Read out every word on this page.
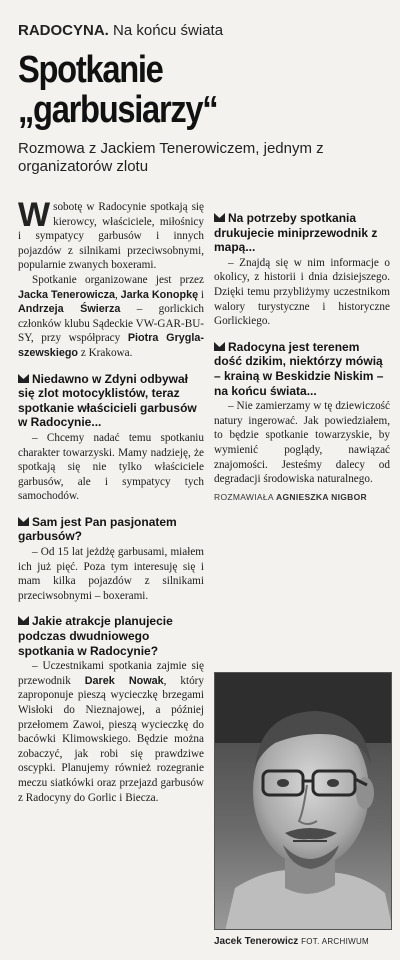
RADOCYNA. Na końcu świata
Spotkanie
„garbusiarzy“
Rozmowa z Jackiem Tenerowiczem, jednym z organizatorów zlotu

Wsobotę w Radocynie spotkają się kierowcy, właściciele, miłośnicy i sympatycy garbusów i innych pojazdów z silnikami przeciwsobnymi, popularnie zwanych boxerami.

Spotkanie organizowane jest przez Jacka Tenerowicza, Jarka Konopkę i Andrzeja Świerza – gorlickich członków klubu Sądeckie VW-GAR-BU-SY, przy współpracy Piotra Gryglaszewskiego z Krakowa.

Niedawno w Zdyni odbywał się zlot motocyklistów, teraz spotkanie właścicieli garbusów w Radocynie...

– Chcemy nadać temu spotkaniu charakter towarzyski. Mamy nadzieję, że spotkają się nie tylko właściciele garbusów, ale i sympatycy tych samochodów.

Sam jest Pan pasjonatem garbusów?

– Od 15 lat jeżdżę garbusami, miałem ich już pięć. Poza tym interesuję się i mam kilka pojazdów z silnikami przeciwsobnymi – boxerami.

Jakie atrakcje planujecie podczas dwudniowego spotkania w Radocynie?

– Uczestnikami spotkania zajmie się przewodnik Darek Nowak, który zaproponuje pieszą wycieczkę brzegami Wisłoki do Nieznajowej, a później przełomem Zawoi, pieszą wycieczkę do bacówki Klimowskiego. Będzie można zobaczyć, jak robi się prawdziwe oscypki. Planujemy również rozegranie meczu siatkówki oraz przejazd garbusów z Radocyny do Gorlic i Biecza.

Na potrzeby spotkania drukujecie miniprzewodnik z mapą...

– Znajdą się w nim informacje o okolicy, z historii i dnia dzisiejszego. Dzięki temu przybliżymy uczestnikom walory turystyczne i historyczne Gorlickiego.

Radocyna jest terenem dość dzikim, niektórzy mówią – krainą w Beskidzie Niskim – na końcu świata...

– Nie zamierzamy w tę dziewiczość natury ingerować. Jak powiedziałem, to będzie spotkanie towarzyskie, by wymienić poglądy, nawiązać znajomości. Jesteśmy dalecy od degradacji środowiska naturalnego.

ROZMAWIAŁA AGNIESZKA NIGBOR
Jacek Tenerowicz FOT. ARCHIWUM
